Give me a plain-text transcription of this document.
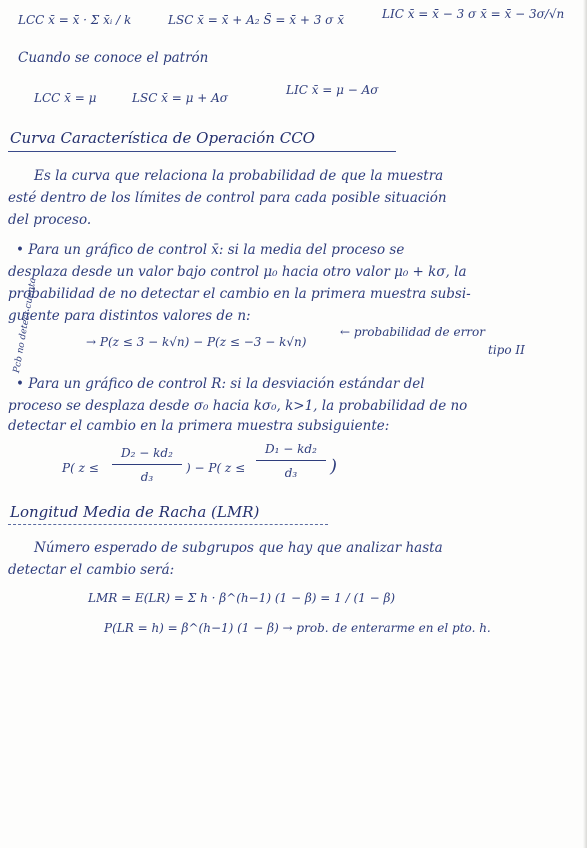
LCC x̄ = x̄̄ · Σ x̄ᵢ / k	LSC x̄ = x̄̄ + A₂ S̄ = x̄̄ + 3 σ x̄	LIC x̄ = x̄̄ − 3 σ x̄ = x̄̄ − 3σ/√n
Cuando se conoce el patrón
LCC x̄ = μ	LSC x̄ = μ + Aσ
LIC x̄ = μ − Aσ
Curva Característica de Operación CCO
Es la curva que relaciona la probabilidad de que la muestra
esté dentro de los límites de control para cada posible situación
del proceso.
• Para un gráfico de control x̄: si la media del proceso se
desplaza desde un valor bajo control μ₀ hacia otro valor μ₀ + kσ, la
probabilidad de no detectar el cambio en la primera muestra subsi-
guiente para distintos valores de n:
Pcb no detect cuenta	→ P(z ≤ 3 − k√n) − P(z ≤ −3 − k√n)
← probabilidad de error
tipo II
• Para un gráfico de control R: si la desviación estándar del
proceso se desplaza desde σ₀ hacia kσ₀, k>1, la probabilidad de no
detectar el cambio en la primera muestra subsiguiente:
P( z ≤
D₂ − kd₂
d₃
) − P( z ≤
D₁ − kd₂
d₃	)
Longitud Media de Racha (LMR)
Número esperado de subgrupos que hay que analizar hasta
detectar el cambio será:
LMR = E(LR) = Σ h · β^(h−1) (1 − β) = 1 / (1 − β)
P(LR = h) = β^(h−1) (1 − β) → prob. de enterarme en el pto. h.
